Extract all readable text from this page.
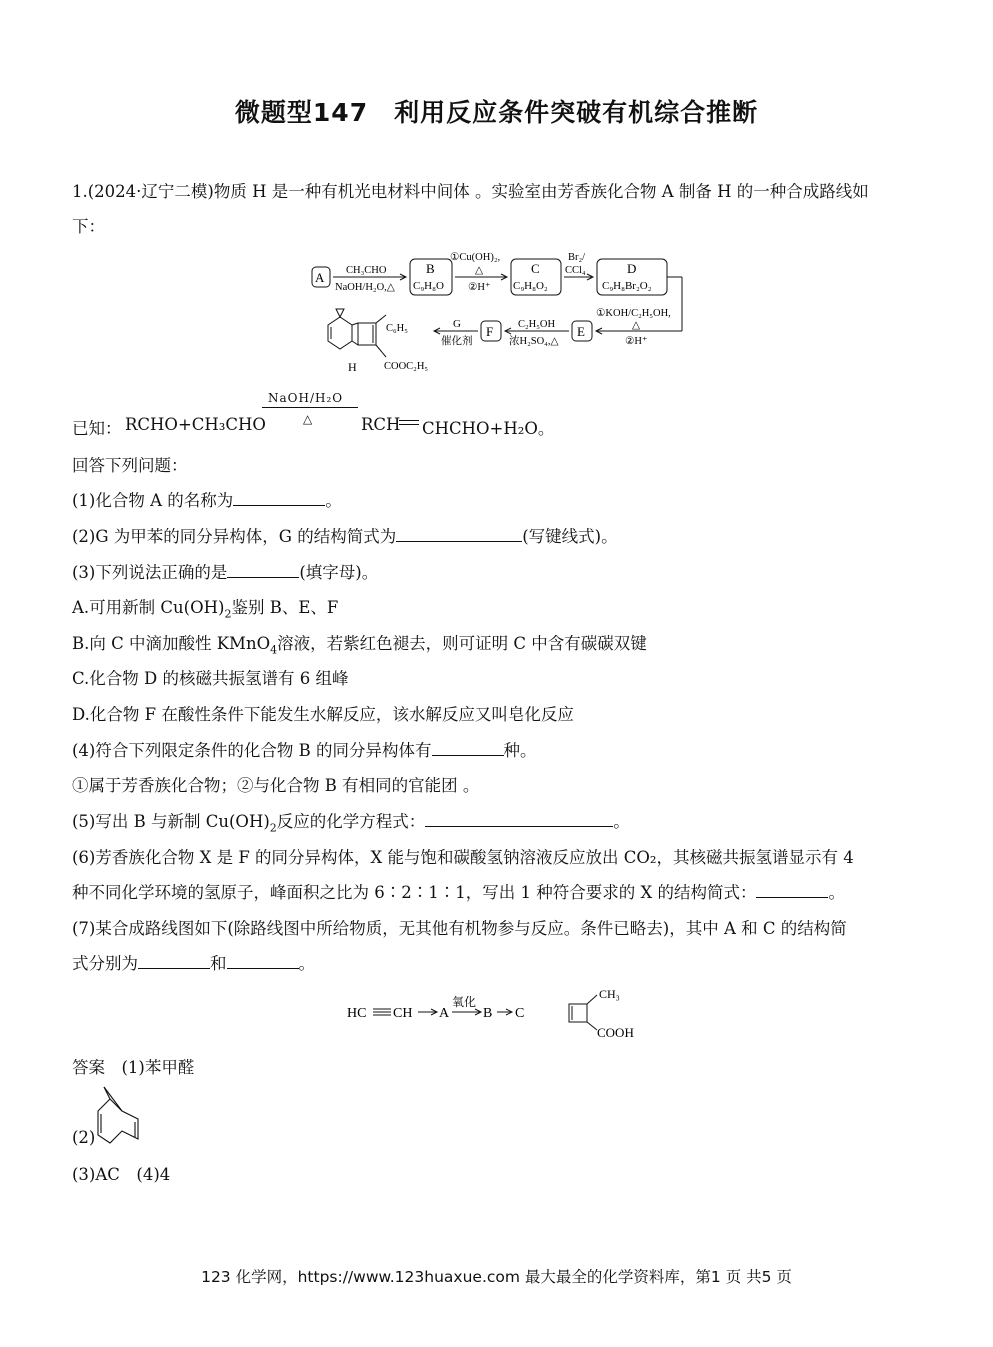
微题型147　利用反应条件突破有机综合推断
1.(2024·辽宁二模)物质 H 是一种有机光电材料中间体 。实验室由芳香族化合物 A 制备 H 的一种合成路线如
下：
A
B
C₉H₈O
C
C₉H₈O₂
D
C₉H₈Br₂O₂
E
F
H
CH₃CHO
NaOH/H₂O,△
①Cu(OH)₂,
△
②H⁺
Br₂/
CCl₄
①KOH/C₂H₅OH,
△
②H⁺
C₂H₅OH
浓H₂SO₄,△
G
催化剂
C₆H₅
COOC₂H₅
已知： RCHO+CH₃CHO
NaOH/H₂O
△	RCH CHCHO+H₂O。
回答下列问题：
(1)化合物 A 的名称为	。
(2)G 为甲苯的同分异构体，G 的结构简式为	(写键线式)。
(3)下列说法正确的是	(填字母)。
A.可用新制 $Cu(OH)_2$鉴别 B、E、F
B.向 C 中滴加酸性 KMnO$_4$溶液，若紫红色褪去，则可证明 C 中含有碳碳双键
C.化合物 D 的核磁共振氢谱有 6 组峰
D.化合物 F 在酸性条件下能发生水解反应，该水解反应又叫皂化反应
(4)符合下列限定条件的化合物 B 的同分异构体有	种。
①属于芳香族化合物；②与化合物 B 有相同的官能团 。
(5)写出 B 与新制 $Cu(OH)_2$反应的化学方程式：	。
(6)芳香族化合物 X 是 F 的同分异构体，X 能与饱和碳酸氢钠溶液反应放出 CO₂，其核磁共振氢谱显示有 4
种不同化学环境的氢原子，峰面积之比为 6∶2∶1∶1，写出 1 种符合要求的 X 的结构简式：	。
(7)某合成路线图如下(除路线图中所给物质，无其他有机物参与反应。条件已略去)，其中 A 和 C 的结构简
式分别为	和	。
HC CH A B C
氧化
CH₃
COOH
答案　(1)苯甲醛
(2)
(3)AC　(4)4
123 化学网，https://www.123huaxue.com 最大最全的化学资料库，第1 页 共5 页
